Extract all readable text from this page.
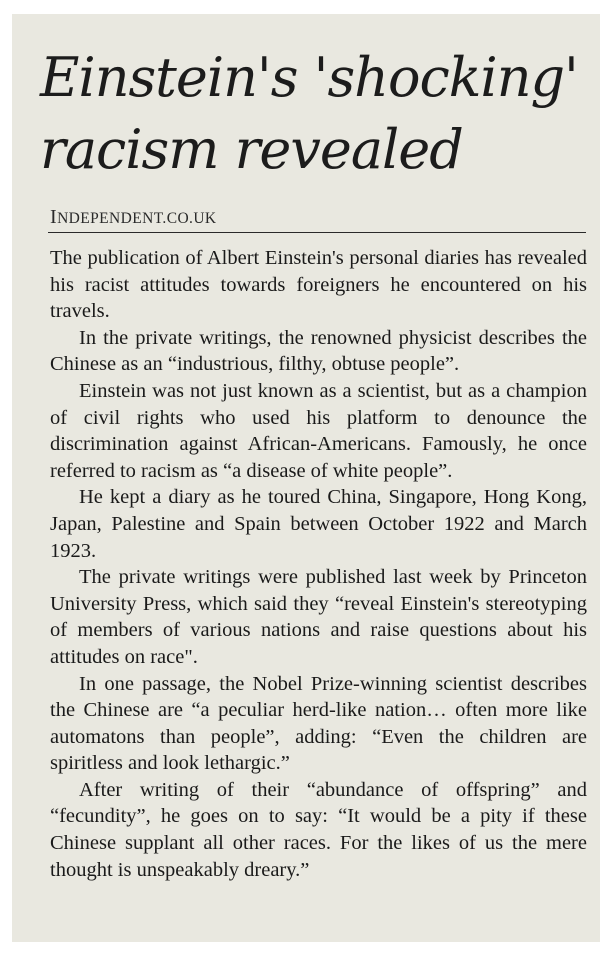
Einstein's 'shocking' racism revealed
INDEPENDENT.CO.UK

The publication of Albert Einstein's personal diaries has revealed his racist attitudes towards foreigners he encountered on his travels.

In the private writings, the renowned physicist describes the Chinese as an “industrious, filthy, obtuse people”.

Einstein was not just known as a scientist, but as a champion of civil rights who used his platform to denounce the discrimination against African-Americans. Famously, he once referred to racism as “a disease of white people”.

He kept a diary as he toured China, Singapore, Hong Kong, Japan, Palestine and Spain between October 1922 and March 1923.

The private writings were published last week by Princeton University Press, which said they “reveal Einstein's stereotyping of members of various nations and raise questions about his attitudes on race".

In one passage, the Nobel Prize-winning scientist describes the Chinese are “a peculiar herd-like nation… often more like automatons than people”, adding: “Even the children are spiritless and look lethargic.”

After writing of their “abundance of offspring” and “fecundity”, he goes on to say: “It would be a pity if these Chinese supplant all other races. For the likes of us the mere thought is unspeakably dreary.”
